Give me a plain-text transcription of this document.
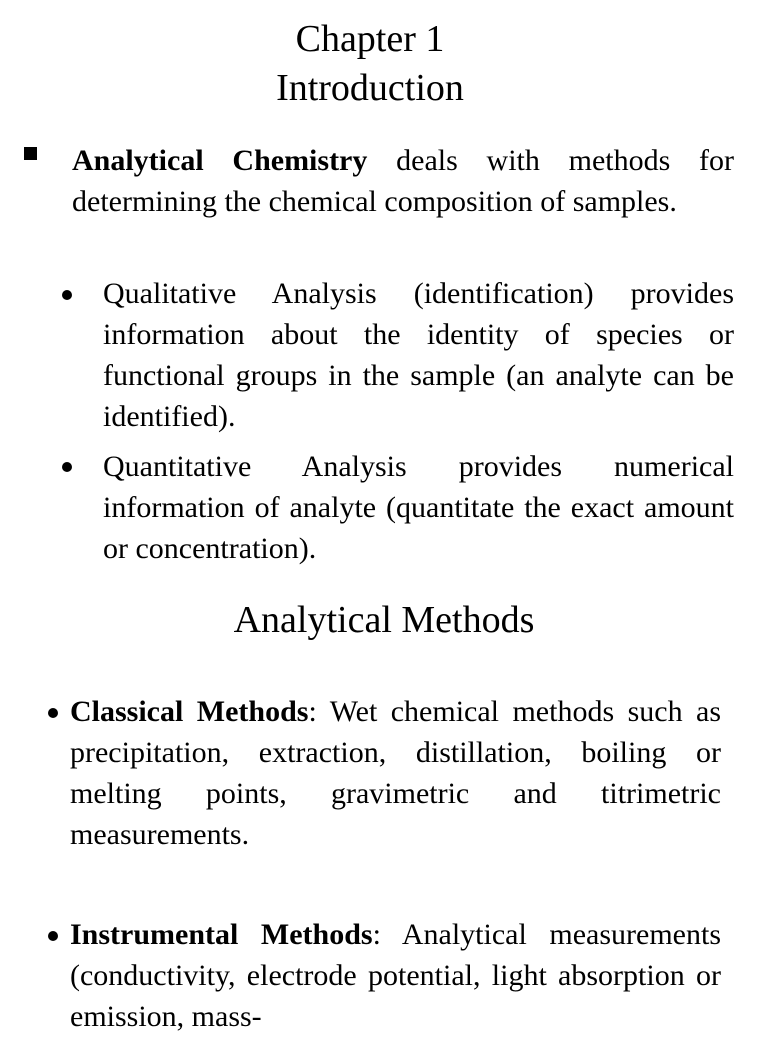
Chapter 1
Introduction

Analytical Chemistry deals with methods for determining the chemical composition of samples.

Qualitative Analysis (identification) provides information about the identity of species or functional groups in the sample (an analyte can be identified).

Quantitative Analysis provides numerical information of analyte (quantitate the exact amount or concentration).

Analytical Methods

Classical Methods: Wet chemical methods such as precipitation, extraction, distillation, boiling or melting points, gravimetric and titrimetric measurements.

Instrumental Methods: Analytical measurements (conductivity, electrode potential, light absorption or emission, mass-
